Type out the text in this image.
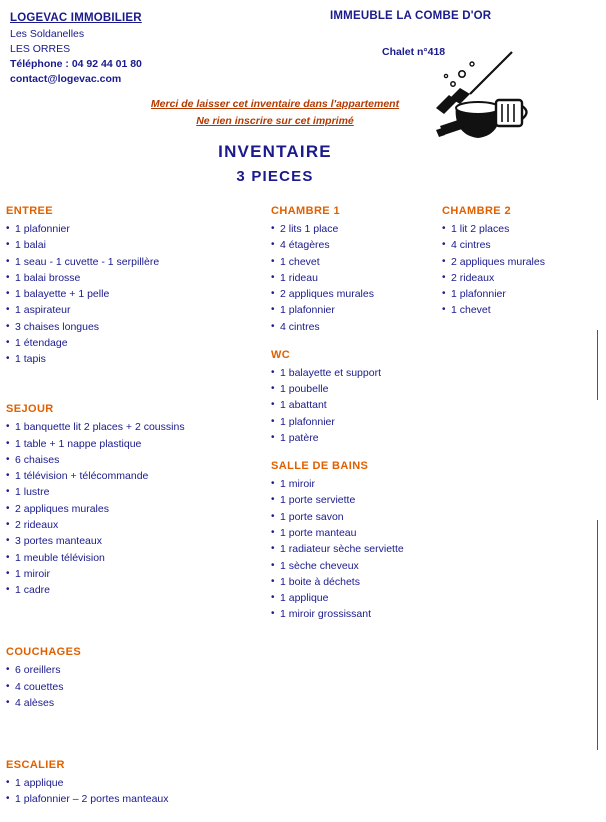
LOGEVAC IMMOBILIER
Les Soldanelles
LES ORRES
Téléphone : 04 92 44 01 80
contact@logevac.com
IMMEUBLE LA COMBE D'OR
Chalet n°418
Merci de laisser cet inventaire dans l'appartement
Ne rien inscrire sur cet imprimé
INVENTAIRE
3 PIECES
ENTREE
• 1 plafonnier
• 1 balai
• 1 seau - 1 cuvette - 1 serpillère
• 1 balai brosse
• 1 balayette + 1 pelle
• 1 aspirateur
• 3 chaises longues
• 1 étendage
• 1 tapis
SEJOUR
• 1 banquette lit 2 places + 2 coussins
• 1 table + 1 nappe plastique
• 6 chaises
• 1 télévision + télécommande
• 1 lustre
• 2 appliques murales
• 2 rideaux
• 3 portes manteaux
• 1 meuble télévision
• 1 miroir
• 1 cadre
COUCHAGES
• 6 oreillers
• 4 couettes
• 4 alèses
ESCALIER
• 1 applique
• 1 plafonnier – 2 portes manteaux
CHAMBRE 1
• 2 lits 1 place
• 4 étagères
• 1 chevet
• 1 rideau
• 2 appliques murales
• 1 plafonnier
• 4 cintres
WC
• 1 balayette et support
• 1 poubelle
• 1 abattant
• 1 plafonnier
• 1 patère
SALLE DE BAINS
• 1 miroir
• 1 porte serviette
• 1 porte savon
• 1 porte manteau
• 1 radiateur sèche serviette
• 1 sèche cheveux
• 1 boite à déchets
• 1 applique
• 1 miroir grossissant
CHAMBRE 2
• 1 lit 2 places
• 4 cintres
• 2 appliques murales
• 2 rideaux
• 1 plafonnier
• 1 chevet
